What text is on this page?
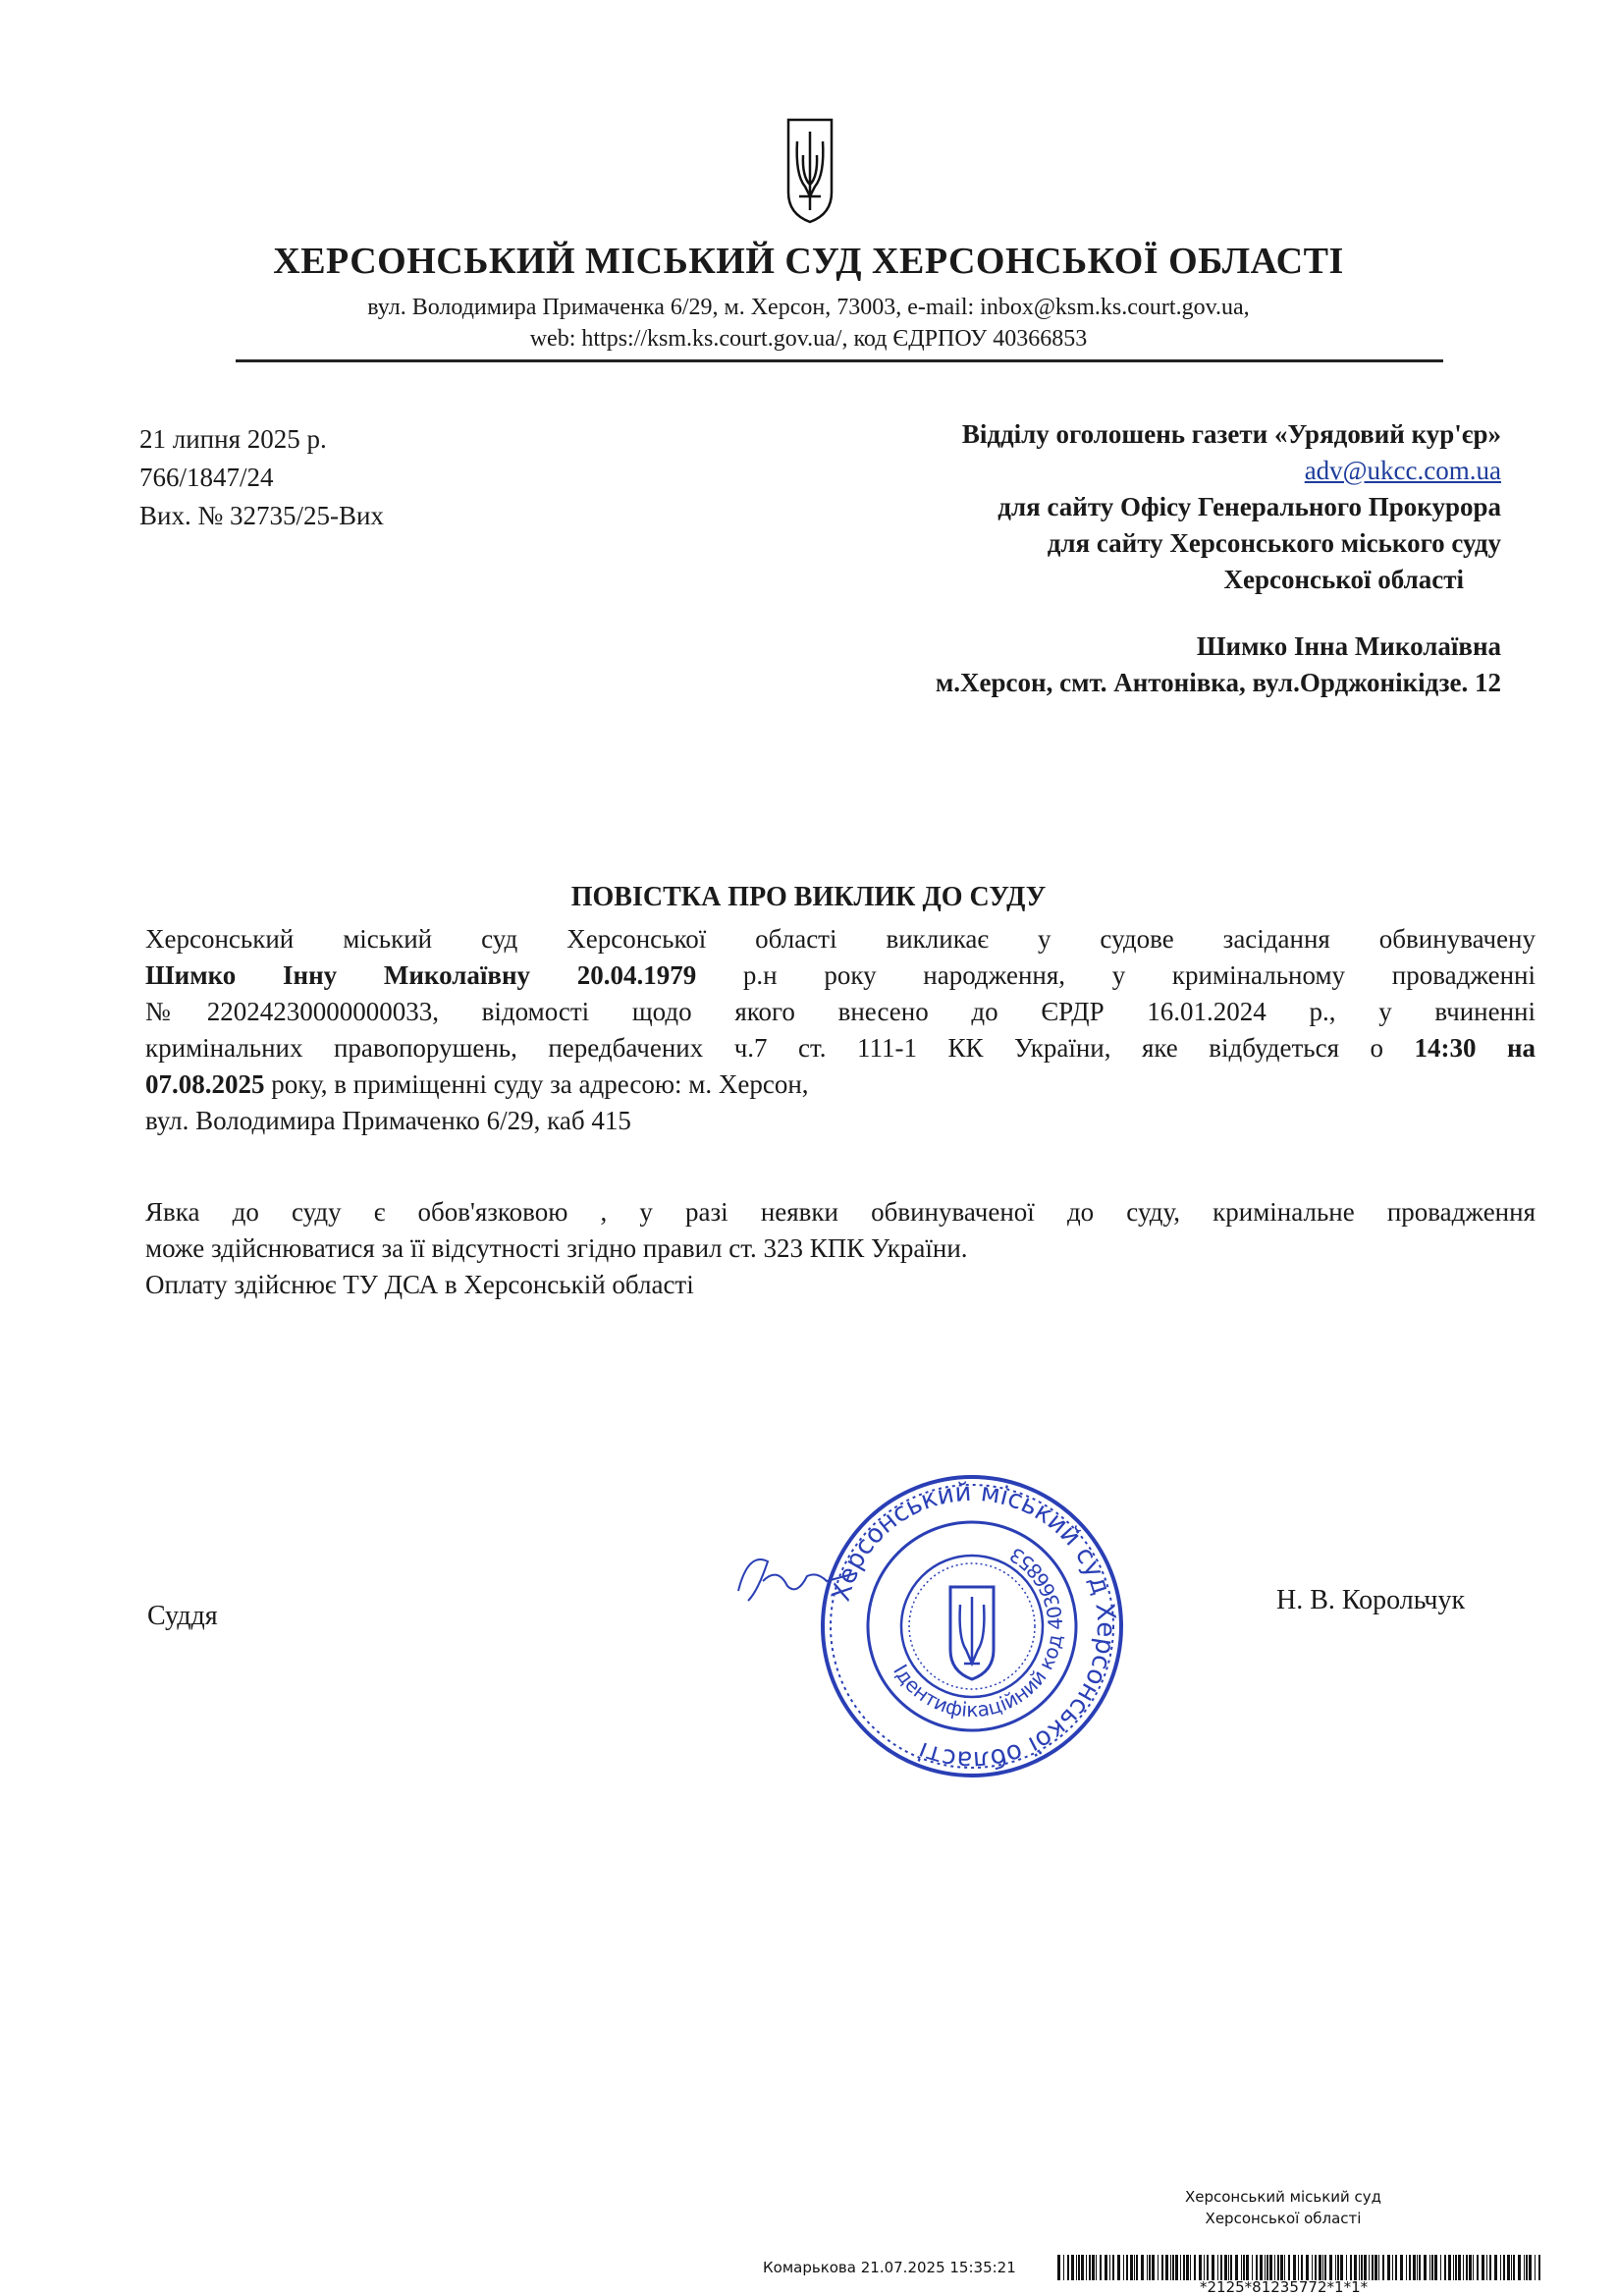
ХЕРСОНСЬКИЙ МІСЬКИЙ СУД ХЕРСОНСЬКОЇ ОБЛАСТІ
вул. Володимира Примаченка 6/29, м. Херсон, 73003, e-mail: inbox@ksm.ks.court.gov.ua,
web: https://ksm.ks.court.gov.ua/, код ЄДРПОУ 40366853
21 липня 2025 р.
766/1847/24
Вих. № 32735/25-Вих
Відділу оголошень газети «Урядовий кур'єр»
adv@ukcc.com.ua
для сайту Офісу Генерального Прокурора
для сайту Херсонського міського суду
Херсонської області
Шимко Інна Миколаївна
м.Херсон, смт. Антонівка, вул.Орджонікідзе. 12
ПОВІСТКА ПРО ВИКЛИК ДО СУДУ
Херсонський міський суд Херсонської області викликає у судове засідання обвинувачену
Шимко Інну Миколаївну 20.04.1979 р.н року народження, у кримінальному провадженні
№22024230000000033, відомості щодо якого внесено до ЄРДР 16.01.2024 р., у вчиненні
кримінальних правопорушень, передбачених ч.7 ст. 111-1 КК України, яке відбудеться о 14:30 на
07.08.2025 року, в приміщенні суду за адресою: м. Херсон,
вул. Володимира Примаченко 6/29, каб 415
Явка до суду є обов'язковою , у разі неявки обвинуваченої до суду, кримінальне провадження
може здійснюватися за її відсутності згідно правил ст. 323 КПК України.
Оплату здійснює ТУ ДСА в Херсонській області
Суддя
Н. В. Корольчук
Херсонський міський суд Херсонської області
Ідентифікаційний код 40366853
Херсонський міський суд
Херсонської області
Комарькова 21.07.2025 15:35:21
*2125*81235772*1*1*
